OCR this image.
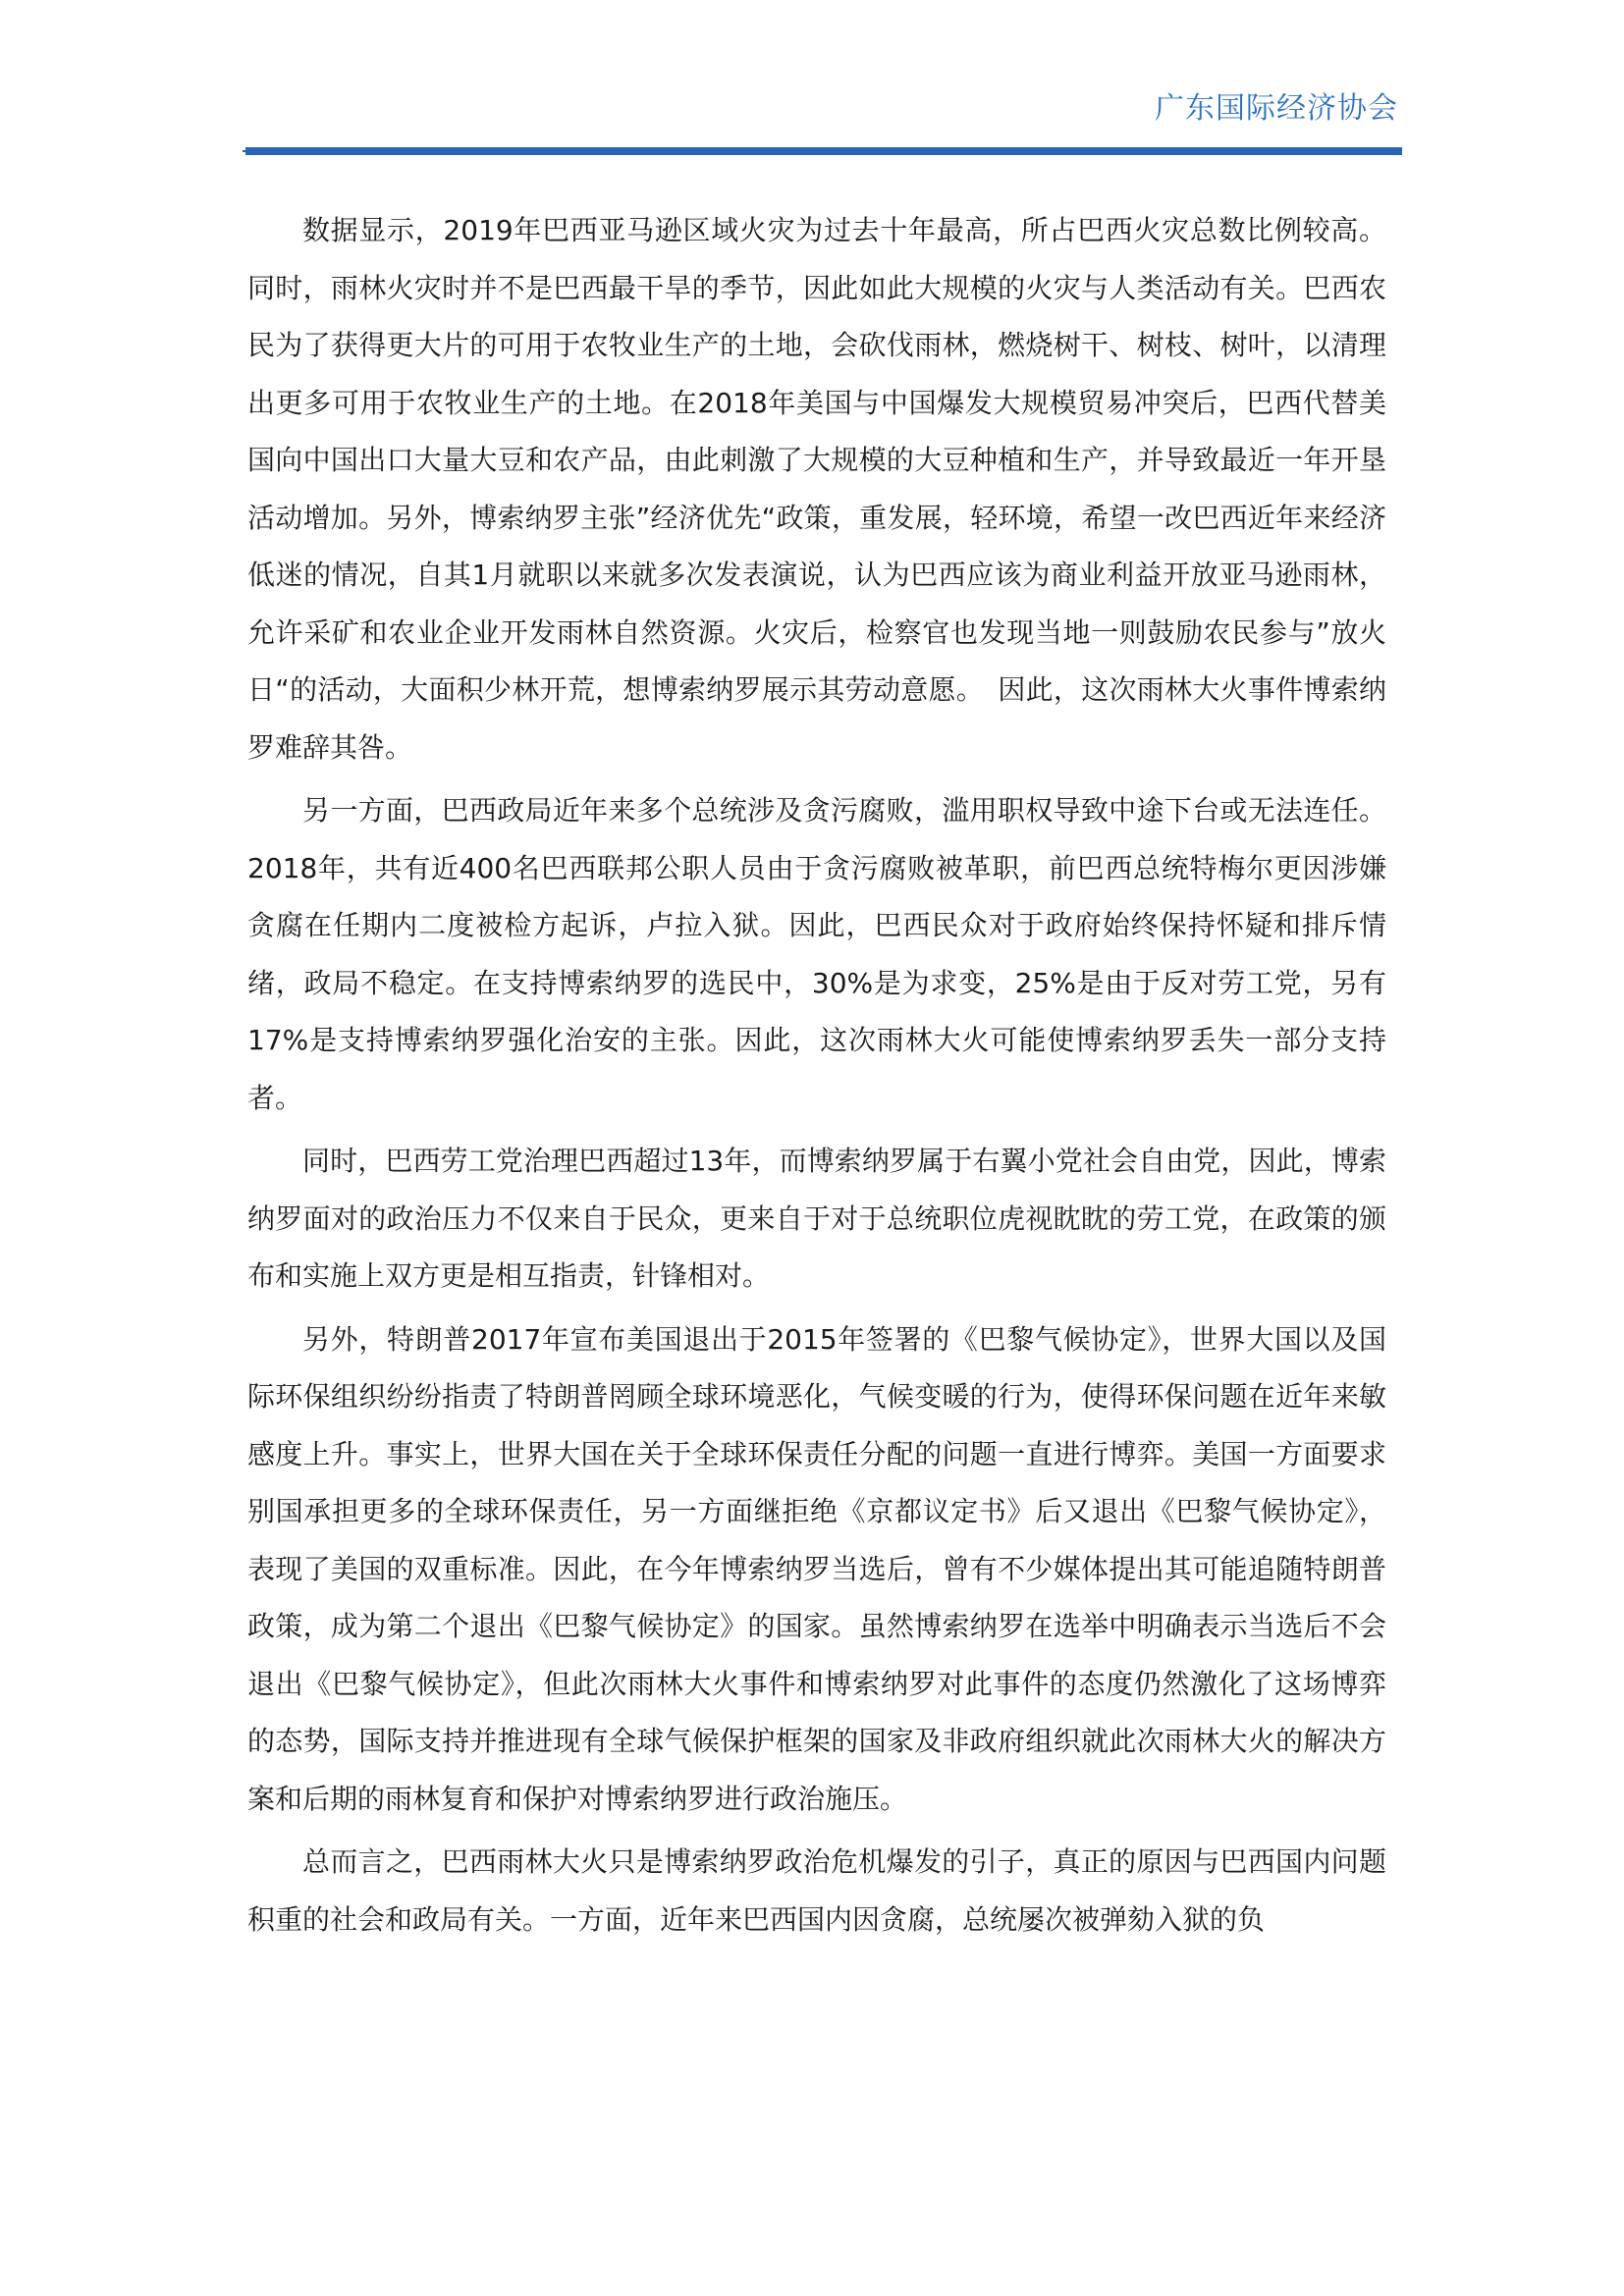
广东国际经济协会

数据显示，2019年巴西亚马逊区域火灾为过去十年最高，所占巴西火灾总数比例较高。同时，雨林火灾时并不是巴西最干旱的季节，因此如此大规模的火灾与人类活动有关。巴西农民为了获得更大片的可用于农牧业生产的土地，会砍伐雨林，燃烧树干、树枝、树叶，以清理出更多可用于农牧业生产的土地。在2018年美国与中国爆发大规模贸易冲突后，巴西代替美国向中国出口大量大豆和农产品，由此刺激了大规模的大豆种植和生产，并导致最近一年开垦活动增加。另外，博索纳罗主张”经济优先“政策，重发展，轻环境，希望一改巴西近年来经济低迷的情况，自其1月就职以来就多次发表演说，认为巴西应该为商业利益开放亚马逊雨林，允许采矿和农业企业开发雨林自然资源。火灾后，检察官也发现当地一则鼓励农民参与”放火日“的活动，大面积少林开荒，想博索纳罗展示其劳动意愿。　因此，这次雨林大火事件博索纳罗难辞其咎。

另一方面，巴西政局近年来多个总统涉及贪污腐败，滥用职权导致中途下台或无法连任。 2018年，共有近400名巴西联邦公职人员由于贪污腐败被革职，前巴西总统特梅尔更因涉嫌贪腐在任期内二度被检方起诉，卢拉入狱。因此，巴西民众对于政府始终保持怀疑和排斥情绪，政局不稳定。在支持博索纳罗的选民中，30%是为求变，25%是由于反对劳工党，另有17%是支持博索纳罗强化治安的主张。因此，这次雨林大火可能使博索纳罗丢失一部分支持者。

同时，巴西劳工党治理巴西超过13年，而博索纳罗属于右翼小党社会自由党，因此，博索纳罗面对的政治压力不仅来自于民众，更来自于对于总统职位虎视眈眈的劳工党，在政策的颁布和实施上双方更是相互指责，针锋相对。

另外，特朗普2017年宣布美国退出于2015年签署的《巴黎气候协定》，世界大国以及国际环保组织纷纷指责了特朗普罔顾全球环境恶化，气候变暖的行为，使得环保问题在近年来敏感度上升。事实上，世界大国在关于全球环保责任分配的问题一直进行博弈。美国一方面要求别国承担更多的全球环保责任，另一方面继拒绝《京都议定书》后又退出《巴黎气候协定》，表现了美国的双重标准。因此，在今年博索纳罗当选后，曾有不少媒体提出其可能追随特朗普政策，成为第二个退出《巴黎气候协定》的国家。虽然博索纳罗在选举中明确表示当选后不会退出《巴黎气候协定》，但此次雨林大火事件和博索纳罗对此事件的态度仍然激化了这场博弈的态势，国际支持并推进现有全球气候保护框架的国家及非政府组织就此次雨林大火的解决方案和后期的雨林复育和保护对博索纳罗进行政治施压。

总而言之，巴西雨林大火只是博索纳罗政治危机爆发的引子，真正的原因与巴西国内问题积重的社会和政局有关。一方面，近年来巴西国内因贪腐，总统屡次被弹劾入狱的负
